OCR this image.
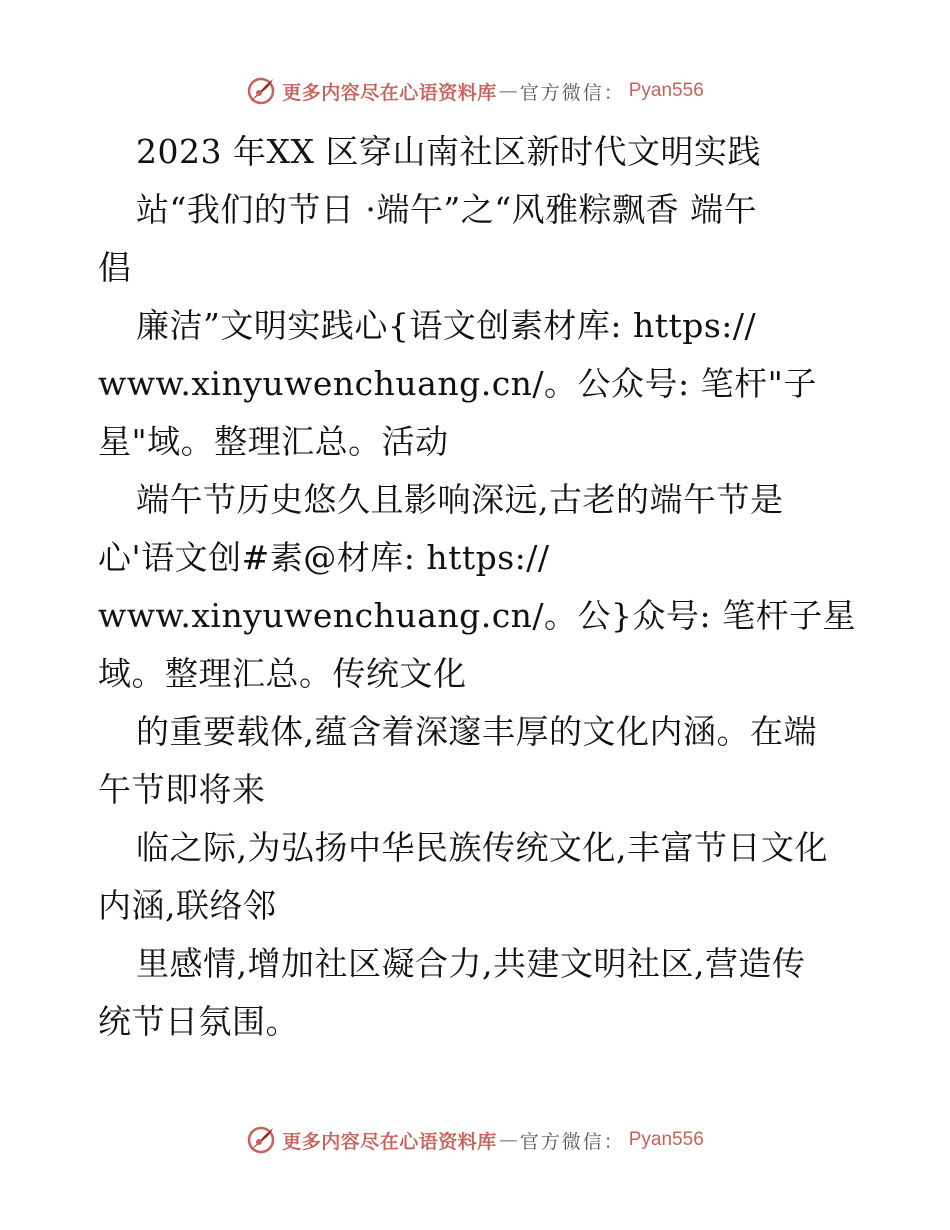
更多内容尽在心语资料库 — 官方微信： Pyan556
2023 年XX 区穿山南社区新时代文明实践
站“我们的节日 ·端午”之“风雅粽飘香 端午
倡
廉洁”文明实践心{语文创素材库: https://
www.xinyuwenchuang.cn/。公众号: 笔杆"子
星"域。整理汇总。活动
端午节历史悠久且影响深远,古老的端午节是
心'语文创#素@材库: https://
www.xinyuwenchuang.cn/。公}众号: 笔杆子星
域。整理汇总。传统文化
的重要载体,蕴含着深邃丰厚的文化内涵。在端
午节即将来
临之际,为弘扬中华民族传统文化,丰富节日文化
内涵,联络邻
里感情,增加社区凝合力,共建文明社区,营造传
统节日氛围。
更多内容尽在心语资料库 — 官方微信： Pyan556
